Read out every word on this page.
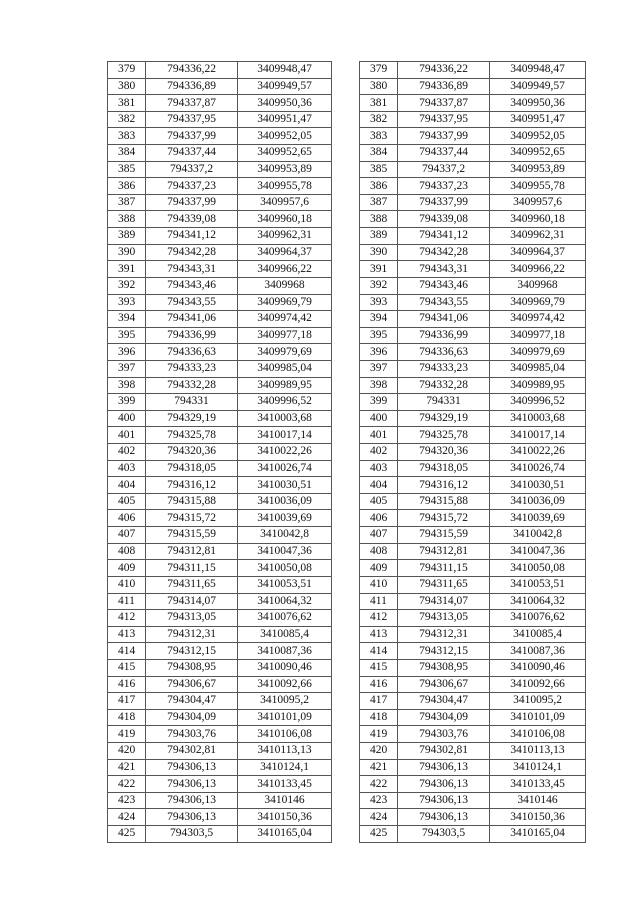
379	794336,22	3409948,47
380	794336,89	3409949,57
381	794337,87	3409950,36
382	794337,95	3409951,47
383	794337,99	3409952,05
384	794337,44	3409952,65
385	794337,2	3409953,89
386	794337,23	3409955,78
387	794337,99	3409957,6
388	794339,08	3409960,18
389	794341,12	3409962,31
390	794342,28	3409964,37
391	794343,31	3409966,22
392	794343,46	3409968
393	794343,55	3409969,79
394	794341,06	3409974,42
395	794336,99	3409977,18
396	794336,63	3409979,69
397	794333,23	3409985,04
398	794332,28	3409989,95
399	794331	3409996,52
400	794329,19	3410003,68
401	794325,78	3410017,14
402	794320,36	3410022,26
403	794318,05	3410026,74
404	794316,12	3410030,51
405	794315,88	3410036,09
406	794315,72	3410039,69
407	794315,59	3410042,8
408	794312,81	3410047,36
409	794311,15	3410050,08
410	794311,65	3410053,51
411	794314,07	3410064,32
412	794313,05	3410076,62
413	794312,31	3410085,4
414	794312,15	3410087,36
415	794308,95	3410090,46
416	794306,67	3410092,66
417	794304,47	3410095,2
418	794304,09	3410101,09
419	794303,76	3410106,08
420	794302,81	3410113,13
421	794306,13	3410124,1
422	794306,13	3410133,45
423	794306,13	3410146
424	794306,13	3410150,36
425	794303,5	3410165,04
379	794336,22	3409948,47
380	794336,89	3409949,57
381	794337,87	3409950,36
382	794337,95	3409951,47
383	794337,99	3409952,05
384	794337,44	3409952,65
385	794337,2	3409953,89
386	794337,23	3409955,78
387	794337,99	3409957,6
388	794339,08	3409960,18
389	794341,12	3409962,31
390	794342,28	3409964,37
391	794343,31	3409966,22
392	794343,46	3409968
393	794343,55	3409969,79
394	794341,06	3409974,42
395	794336,99	3409977,18
396	794336,63	3409979,69
397	794333,23	3409985,04
398	794332,28	3409989,95
399	794331	3409996,52
400	794329,19	3410003,68
401	794325,78	3410017,14
402	794320,36	3410022,26
403	794318,05	3410026,74
404	794316,12	3410030,51
405	794315,88	3410036,09
406	794315,72	3410039,69
407	794315,59	3410042,8
408	794312,81	3410047,36
409	794311,15	3410050,08
410	794311,65	3410053,51
411	794314,07	3410064,32
412	794313,05	3410076,62
413	794312,31	3410085,4
414	794312,15	3410087,36
415	794308,95	3410090,46
416	794306,67	3410092,66
417	794304,47	3410095,2
418	794304,09	3410101,09
419	794303,76	3410106,08
420	794302,81	3410113,13
421	794306,13	3410124,1
422	794306,13	3410133,45
423	794306,13	3410146
424	794306,13	3410150,36
425	794303,5	3410165,04
